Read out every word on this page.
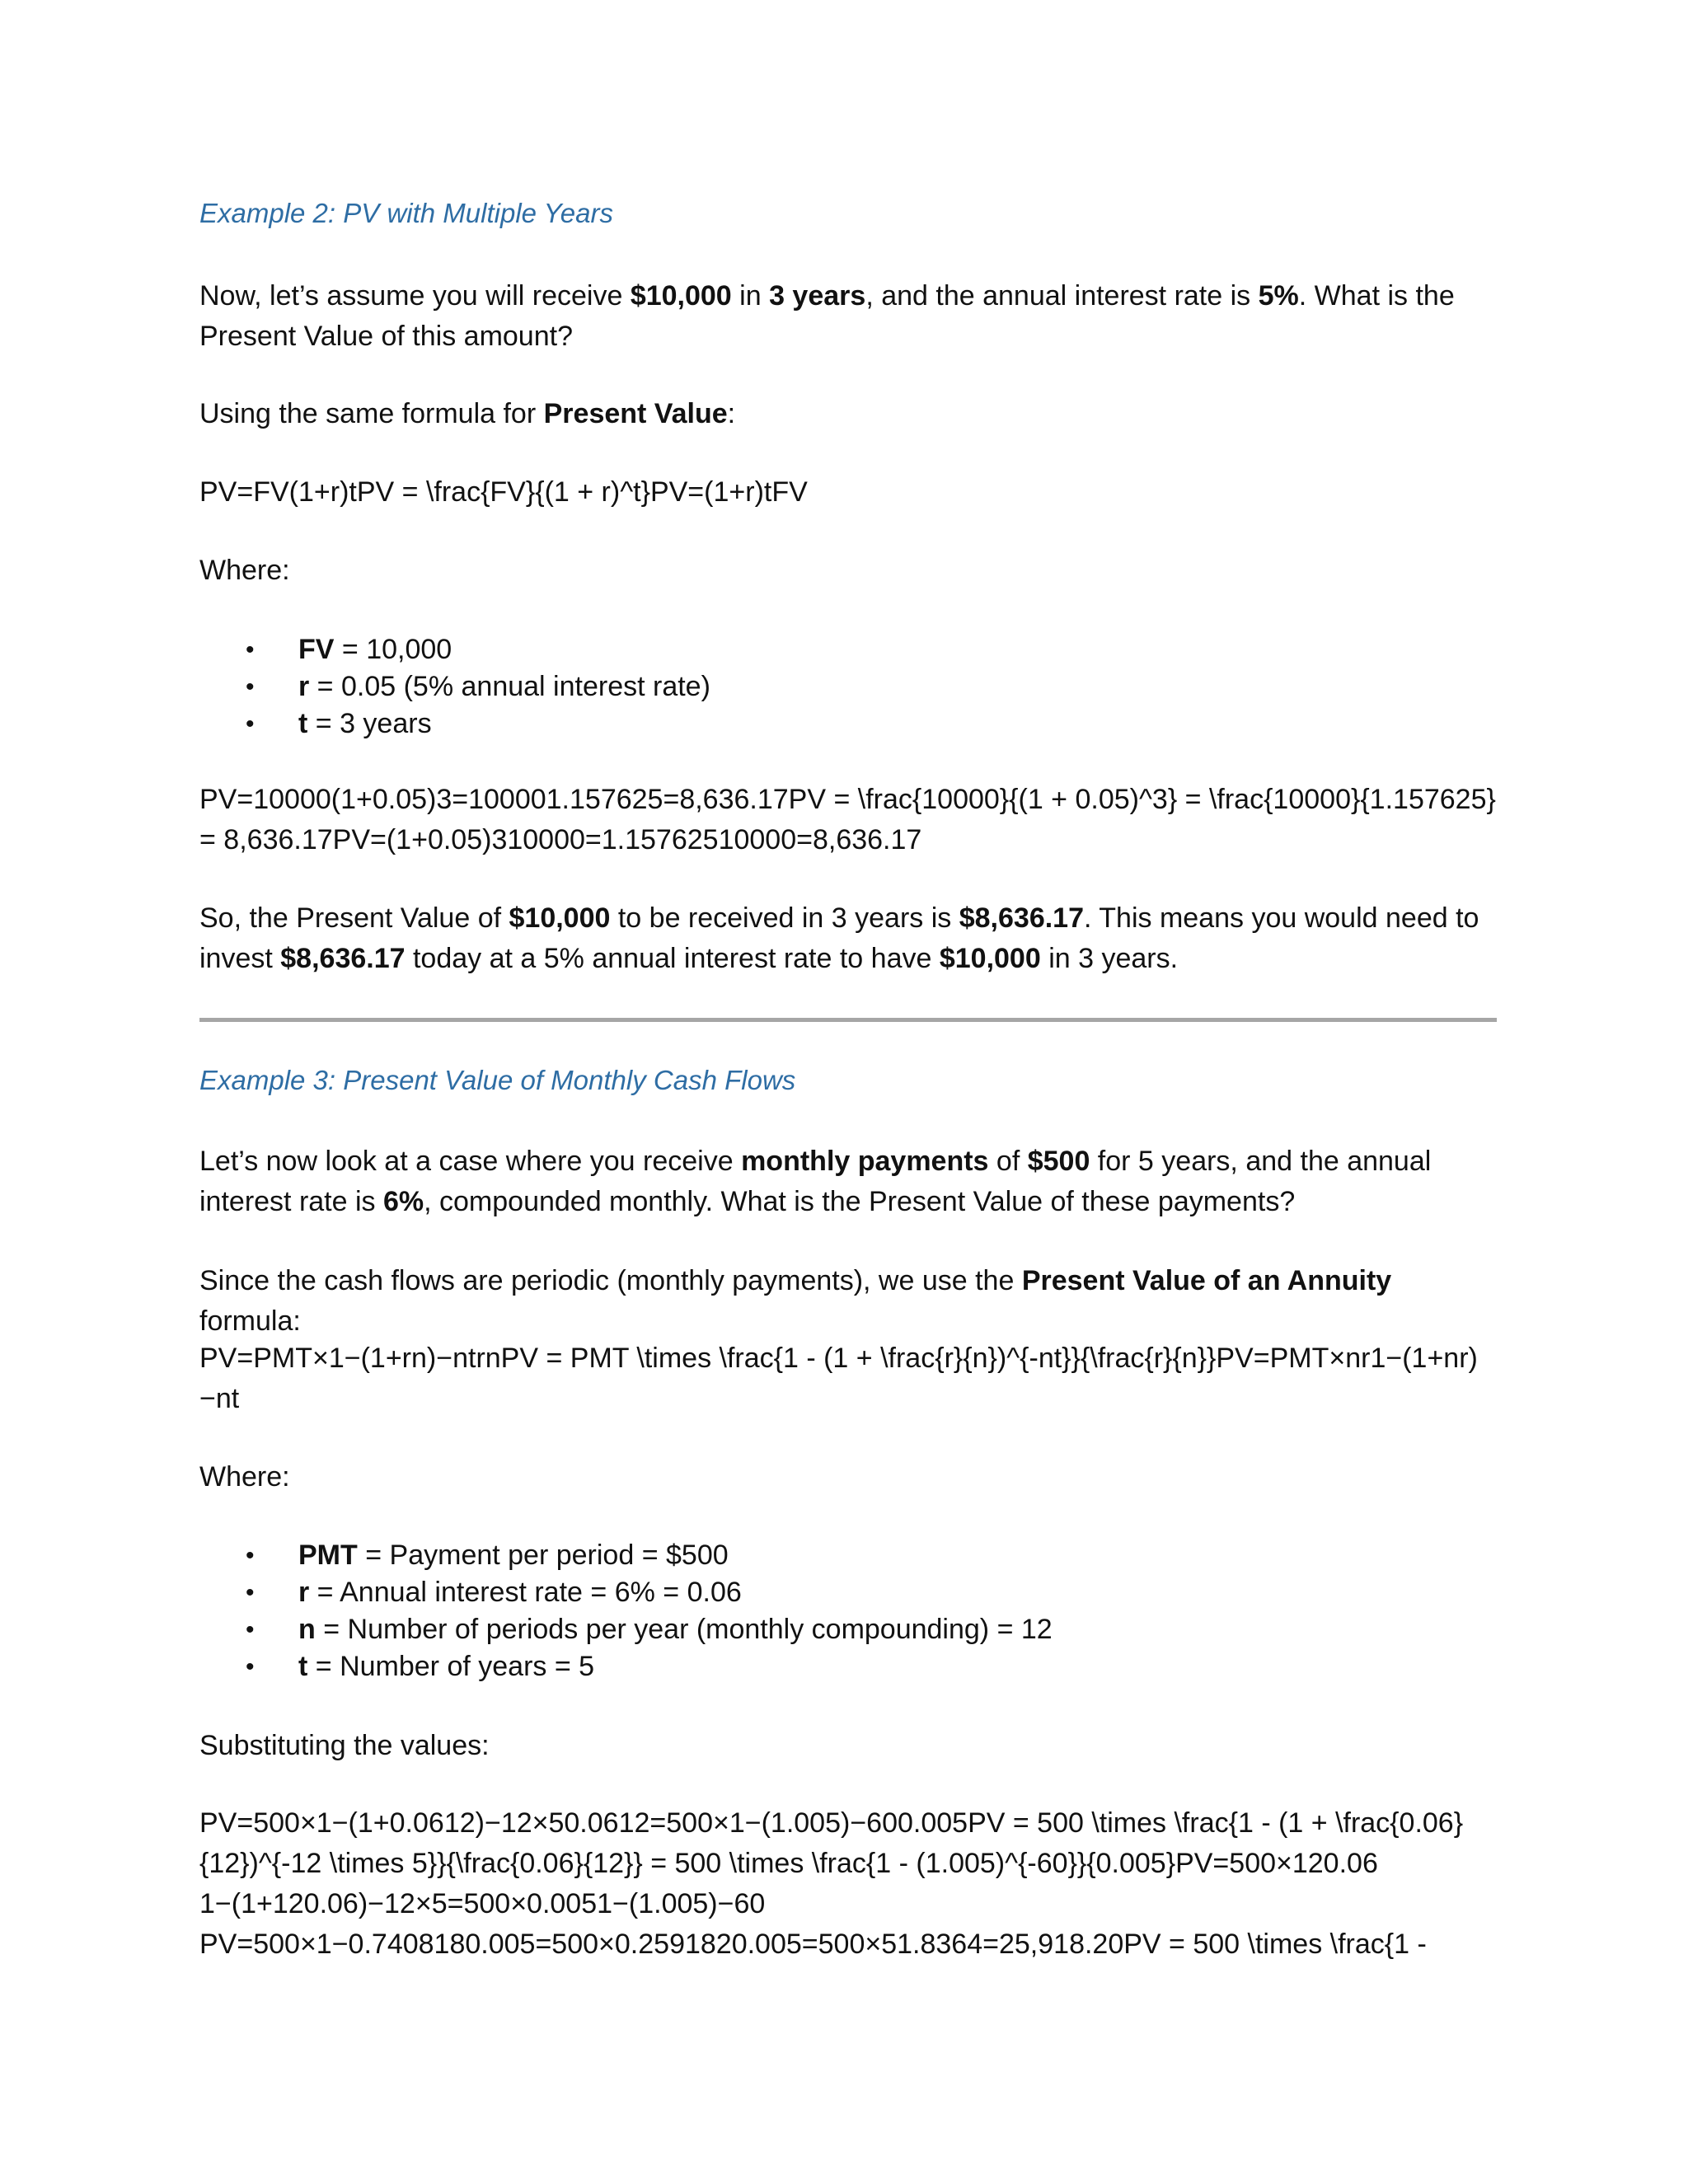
Example 2: PV with Multiple Years

Now, let’s assume you will receive $10,000 in 3 years, and the annual interest rate is 5%. What is the Present Value of this amount?

Using the same formula for Present Value:

PV=FV(1+r)tPV = \frac{FV}{(1 + r)^t}PV=(1+r)tFV

Where:

• FV = 10,000
• r = 0.05 (5% annual interest rate)
• t = 3 years

PV=10000(1+0.05)3=100001.157625=8,636.17PV = \frac{10000}{(1 + 0.05)^3} = \frac{10000}{1.157625} = 8,636.17PV=(1+0.05)310000=1.15762510000=8,636.17

So, the Present Value of $10,000 to be received in 3 years is $8,636.17. This means you would need to invest $8,636.17 today at a 5% annual interest rate to have $10,000 in 3 years.

Example 3: Present Value of Monthly Cash Flows

Let’s now look at a case where you receive monthly payments of $500 for 5 years, and the annual interest rate is 6%, compounded monthly. What is the Present Value of these payments?

Since the cash flows are periodic (monthly payments), we use the Present Value of an Annuity formula:

PV=PMT×1−(1+rn)−ntrnPV = PMT \times \frac{1 - (1 + \frac{r}{n})^{-nt}}{\frac{r}{n}}PV=PMT×nr1−(1+nr)−nt

Where:

• PMT = Payment per period = $500
• r = Annual interest rate = 6% = 0.06
• n = Number of periods per year (monthly compounding) = 12
• t = Number of years = 5

Substituting the values:

PV=500×1−(1+0.0612)−12×50.0612=500×1−(1.005)−600.005PV = 500 \times \frac{1 - (1 + \frac{0.06}
{12})^{-12 \times 5}}{\frac{0.06}{12}} = 500 \times \frac{1 - (1.005)^{-60}}{0.005}PV=500×120.06
1−(1+120.06)−12×5=500×0.0051−(1.005)−60
PV=500×1−0.7408180.005=500×0.2591820.005=500×51.8364=25,918.20PV = 500 \times \frac{1 -
